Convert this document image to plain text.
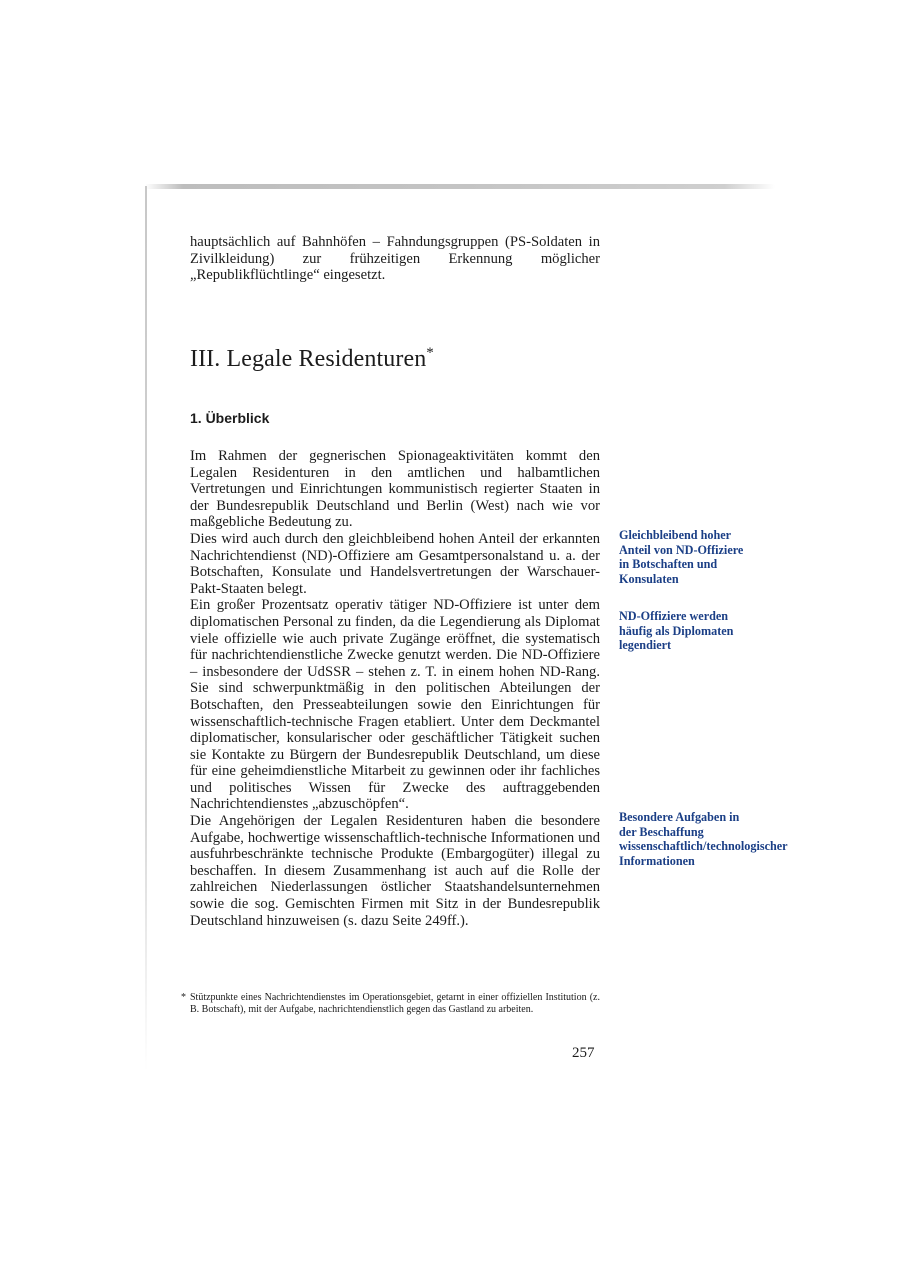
hauptsächlich auf Bahnhöfen – Fahndungsgruppen (PS-Soldaten in Zivilkleidung) zur frühzeitigen Erkennung möglicher „Republikflüchtlinge“ eingesetzt.

III. Legale Residenturen*
1. Überblick

Im Rahmen der gegnerischen Spionageaktivitäten kommt den Legalen Residenturen in den amtlichen und halbamtlichen Vertretungen und Einrichtungen kommunistisch regierter Staaten in der Bundesrepublik Deutschland und Berlin (West) nach wie vor maßgebliche Bedeutung zu.

Dies wird auch durch den gleichbleibend hohen Anteil der erkannten Nachrichtendienst (ND)-Offiziere am Gesamtpersonalstand u. a. der Botschaften, Konsulate und Handelsvertretungen der Warschauer-Pakt-Staaten belegt.

Ein großer Prozentsatz operativ tätiger ND-Offiziere ist unter dem diplomatischen Personal zu finden, da die Legendierung als Diplomat viele offizielle wie auch private Zugänge eröffnet, die systematisch für nachrichtendienstliche Zwecke genutzt werden. Die ND-Offiziere – insbesondere der UdSSR – stehen z. T. in einem hohen ND-Rang. Sie sind schwerpunktmäßig in den politischen Abteilungen der Botschaften, den Presseabteilungen sowie den Einrichtungen für wissenschaftlich-technische Fragen etabliert. Unter dem Deckmantel diplomatischer, konsularischer oder geschäftlicher Tätigkeit suchen sie Kontakte zu Bürgern der Bundesrepublik Deutschland, um diese für eine geheimdienstliche Mitarbeit zu gewinnen oder ihr fachliches und politisches Wissen für Zwecke des auftraggebenden Nachrichtendienstes „abzuschöpfen“.

Die Angehörigen der Legalen Residenturen haben die besondere Aufgabe, hochwertige wissenschaftlich-technische Informationen und ausfuhrbeschränkte technische Produkte (Embargogüter) illegal zu beschaffen. In diesem Zusammenhang ist auch auf die Rolle der zahlreichen Niederlassungen östlicher Staatshandelsunternehmen sowie die sog. Gemischten Firmen mit Sitz in der Bundesrepublik Deutschland hinzuweisen (s. dazu Seite 249ff.).

Gleichbleibend hoher Anteil von ND-Offiziere in Botschaften und Konsulaten

ND-Offiziere werden häufig als Diplomaten legendiert

Besondere Aufgaben in der Beschaffung wissenschaftlich/technologischer Informationen

* Stützpunkte eines Nachrichtendienstes im Operationsgebiet, getarnt in einer offiziellen Institution (z. B. Botschaft), mit der Aufgabe, nachrichtendienstlich gegen das Gastland zu arbeiten.

257
